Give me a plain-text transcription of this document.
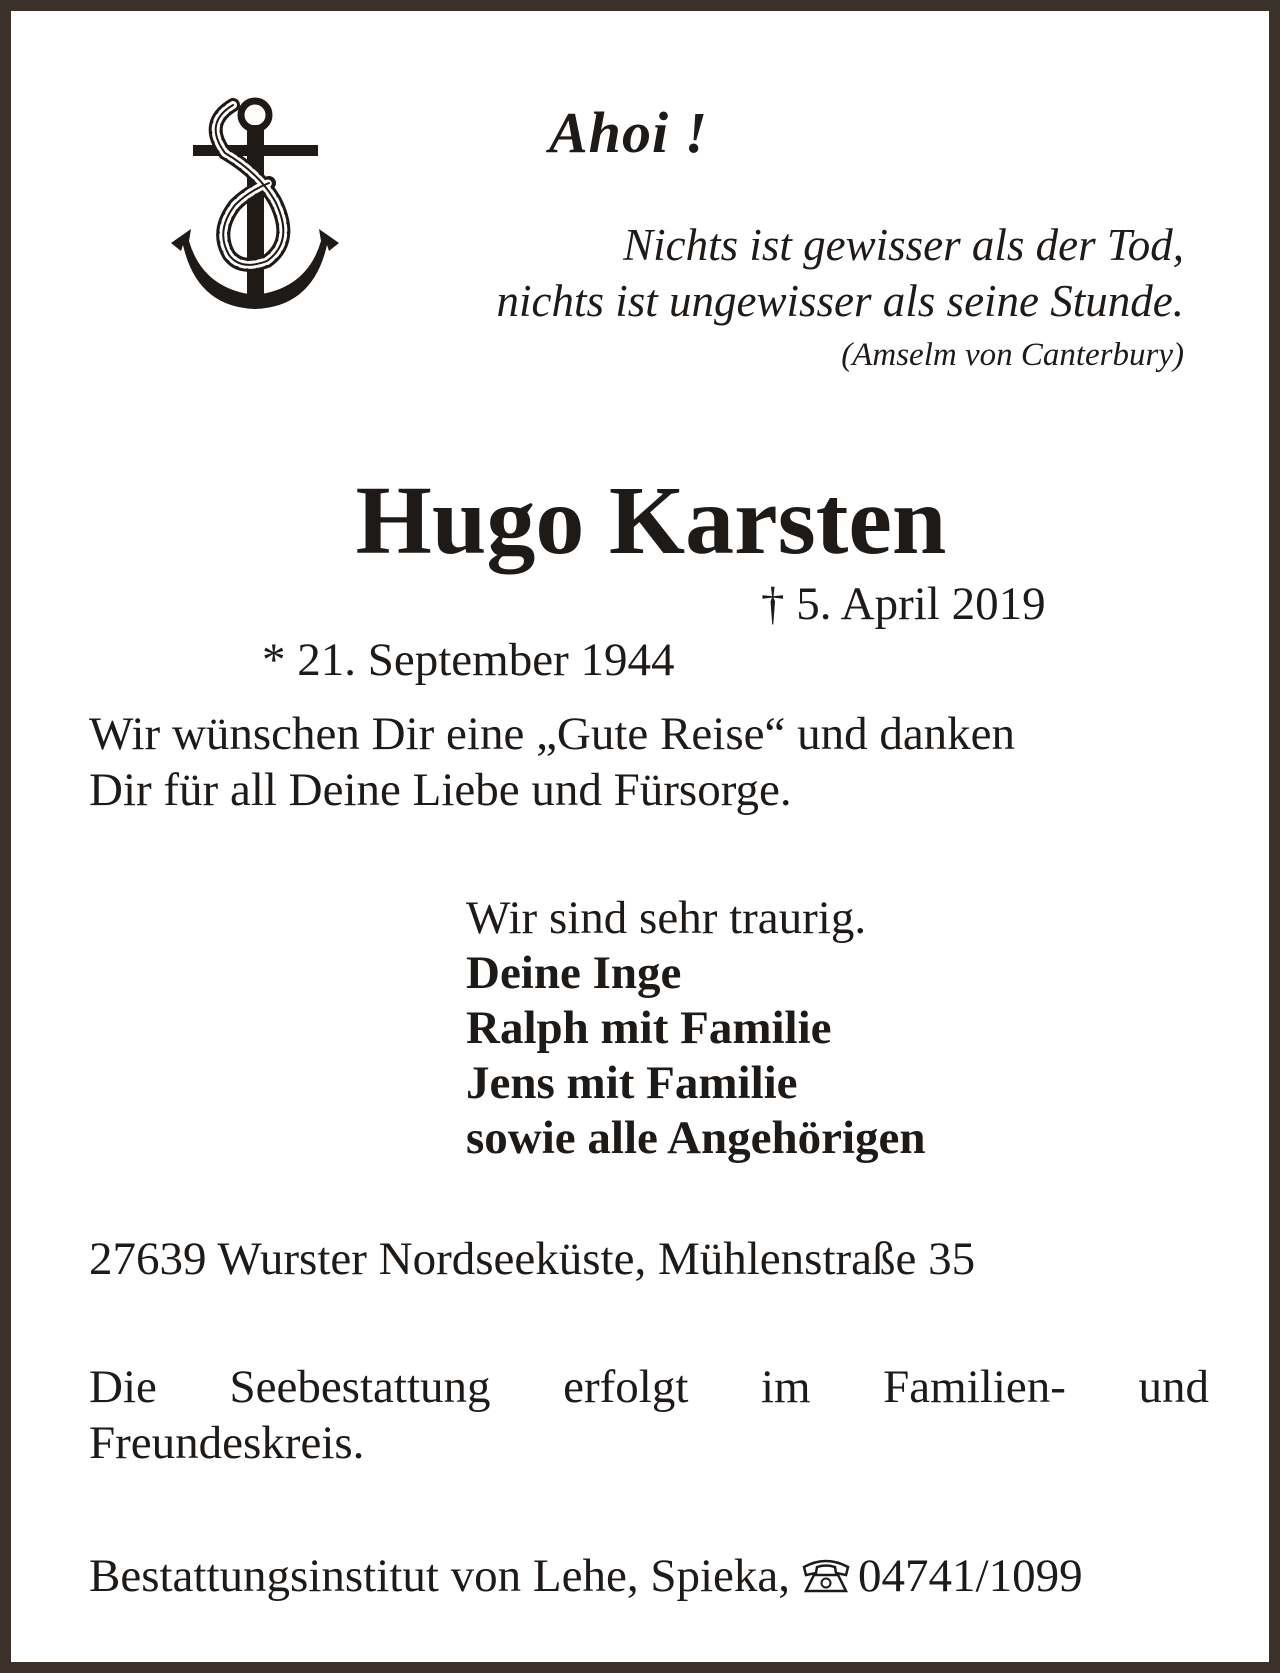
Ahoi !
Nichts ist gewisser als der Tod,
nichts ist ungewisser als seine Stunde.
(Amselm von Canterbury)
Hugo Karsten

* 21. September 1944

† 5. April 2019

Wir wünschen Dir eine „Gute Reise“ und danken
Dir für all Deine Liebe und Fürsorge.
Wir sind sehr traurig.
Deine Inge
Ralph mit Familie
Jens mit Familie
sowie alle Angehörigen
27639 Wurster Nordseeküste, Mühlenstraße 35
Die Seebestattung erfolgt im Familien- und
Freundeskreis.
Bestattungsinstitut von Lehe, Spieka, 04741/1099
